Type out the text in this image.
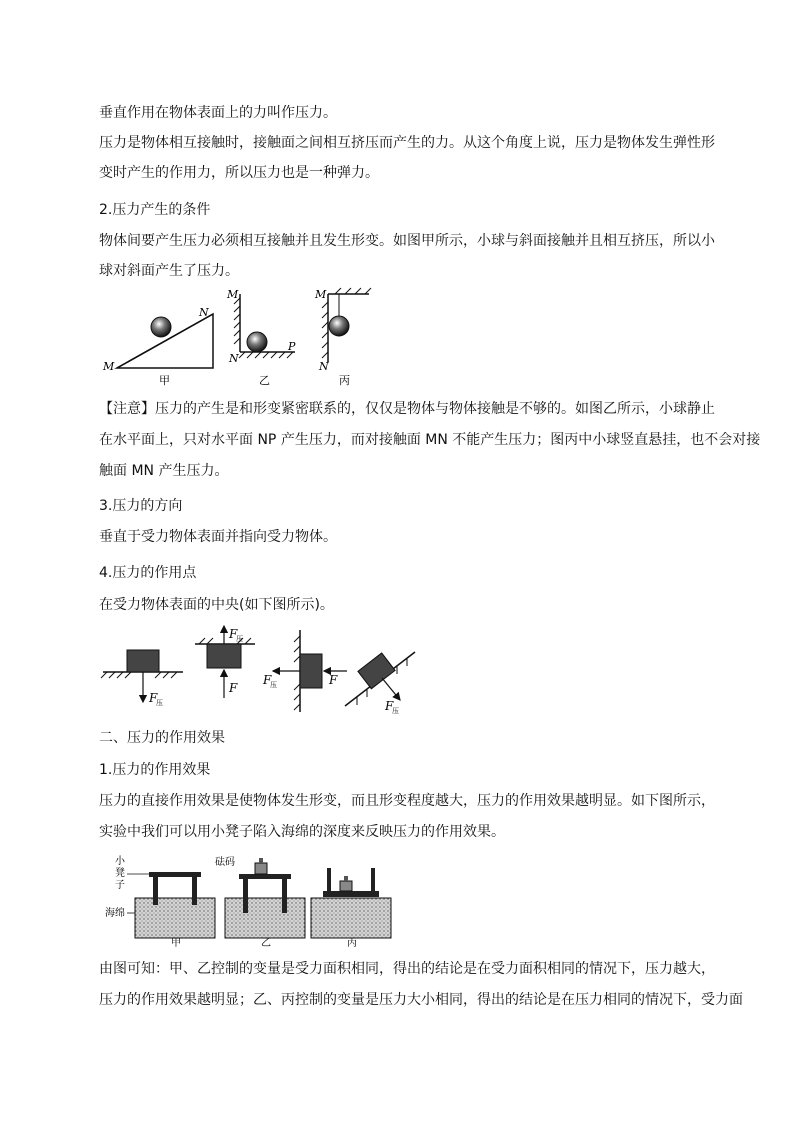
垂直作用在物体表面上的力叫作压力。
压力是物体相互接触时，接触面之间相互挤压而产生的力。从这个角度上说，压力是物体发生弹性形
变时产生的作用力，所以压力也是一种弹力。
2.压力产生的条件
物体间要产生压力必须相互接触并且发生形变。如图甲所示，小球与斜面接触并且相互挤压，所以小
球对斜面产生了压力。
M
N
甲
M
N
P
乙
M
N
丙
【注意】压力的产生是和形变紧密联系的，仅仅是物体与物体接触是不够的。如图乙所示，小球静止
在水平面上，只对水平面 NP 产生压力，而对接触面 MN 不能产生压力；图丙中小球竖直悬挂，也不会对接
触面 MN 产生压力。
3.压力的方向
垂直于受力物体表面并指向受力物体。
4.压力的作用点
在受力物体表面的中央(如下图所示)。
F
压
F
压
F
F
压	F
F
压
二、压力的作用效果
1.压力的作用效果
压力的直接作用效果是使物体发生形变，而且形变程度越大，压力的作用效果越明显。如下图所示，
实验中我们可以用小凳子陷入海绵的深度来反映压力的作用效果。
小
凳
子
海绵
甲
砝码
乙	丙
由图可知：甲、乙控制的变量是受力面积相同，得出的结论是在受力面积相同的情况下，压力越大，
压力的作用效果越明显；乙、丙控制的变量是压力大小相同，得出的结论是在压力相同的情况下，受力面
